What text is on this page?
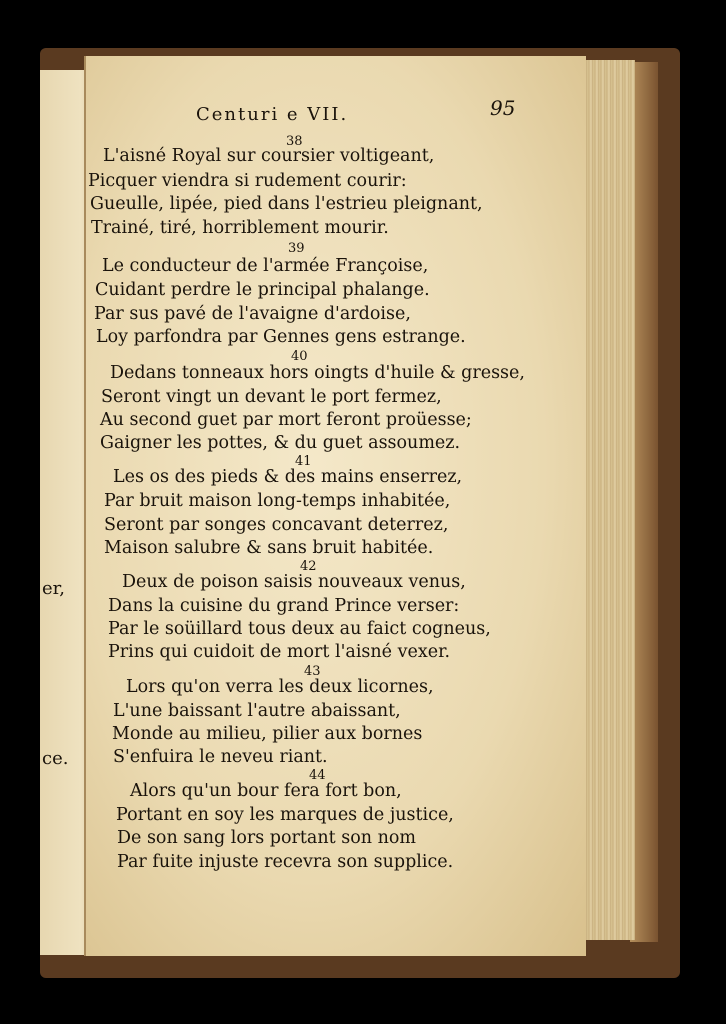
er,
ce.
Centuri e VII.	95
38
L'aisné Royal sur coursier voltigeant,
Picquer viendra si rudement courir:
Gueulle, lipée, pied dans l'estrieu pleignant,
Trainé, tiré, horriblement mourir.
39
Le conducteur de l'armée Françoise,
Cuidant perdre le principal phalange.
Par sus pavé de l'avaigne d'ardoise,
Loy parfondra par Gennes gens estrange.
40
Dedans tonneaux hors oingts d'huile & gresse,
Seront vingt un devant le port fermez,
Au second guet par mort feront proüesse;
Gaigner les pottes, & du guet assoumez.
41
Les os des pieds & des mains enserrez,
Par bruit maison long-temps inhabitée,
Seront par songes concavant deterrez,
Maison salubre & sans bruit habitée.
42
Deux de poison saisis nouveaux venus,
Dans la cuisine du grand Prince verser:
Par le soüillard tous deux au faict cogneus,
Prins qui cuidoit de mort l'aisné vexer.
43
Lors qu'on verra les deux licornes,
L'une baissant l'autre abaissant,
Monde au milieu, pilier aux bornes
S'enfuira le neveu riant.
44
Alors qu'un bour fera fort bon,
Portant en soy les marques de justice,
De son sang lors portant son nom
Par fuite injuste recevra son supplice.
